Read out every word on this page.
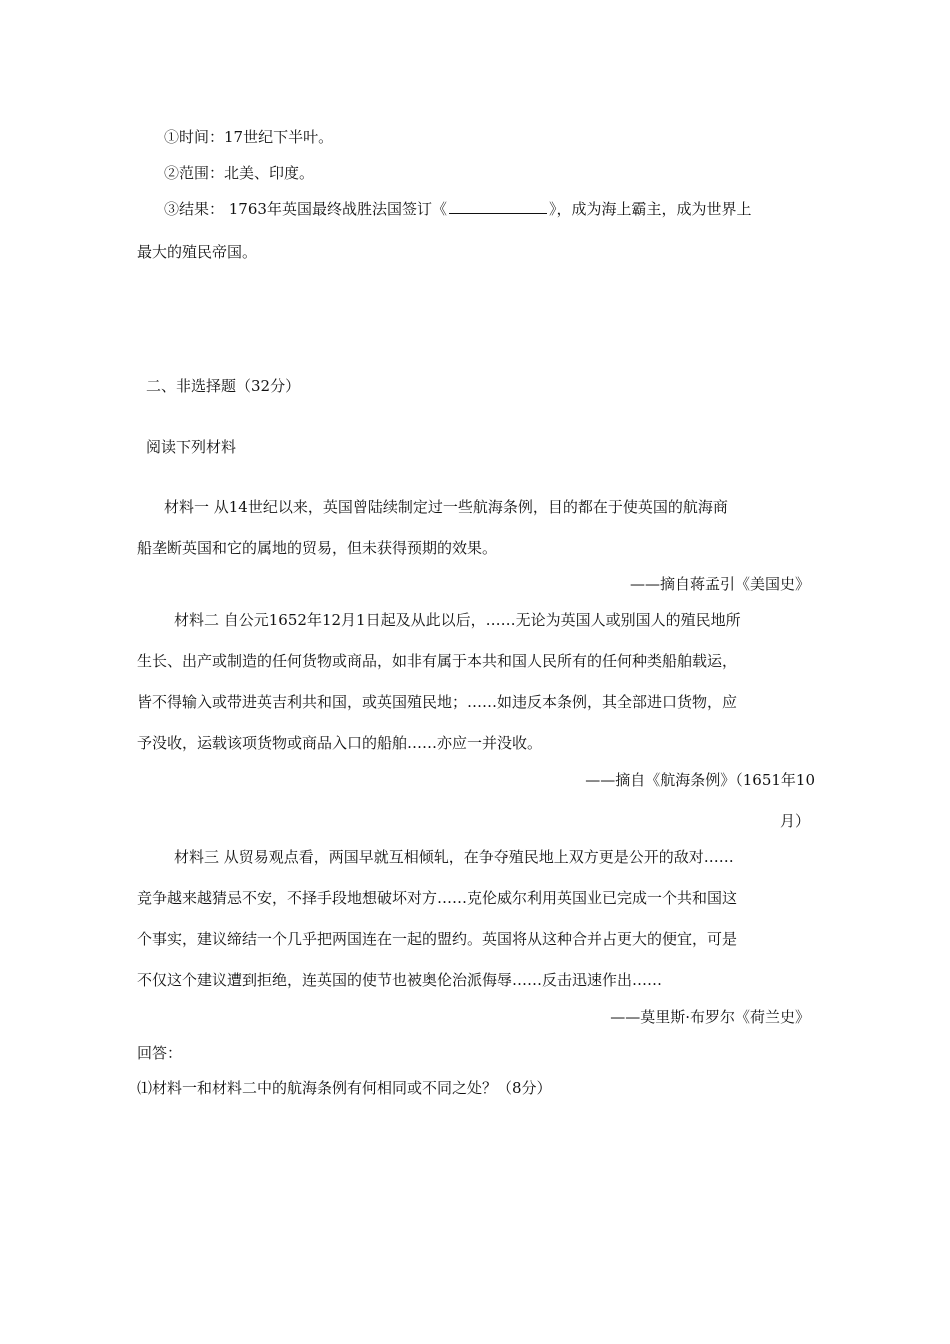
①时间：17世纪下半叶。
②范围：北美、印度。
③结果： 1763年英国最终战胜法国签订《	》，成为海上霸主，成为世界上
最大的殖民帝国。
二、非选择题（32分）
阅读下列材料
材料一 从14世纪以来，英国曾陆续制定过一些航海条例，目的都在于使英国的航海商
船垄断英国和它的属地的贸易，但未获得预期的效果。
——摘自蒋孟引《美国史》
材料二 自公元1652年12月1日起及从此以后，……无论为英国人或别国人的殖民地所
生长、出产或制造的任何货物或商品，如非有属于本共和国人民所有的任何种类船舶载运，
皆不得输入或带进英吉利共和国，或英国殖民地；……如违反本条例，其全部进口货物，应
予没收，运载该项货物或商品入口的船舶……亦应一并没收。
——摘自《航海条例》（1651年10
月）
材料三 从贸易观点看，两国早就互相倾轧，在争夺殖民地上双方更是公开的敌对……
竞争越来越猜忌不安，不择手段地想破坏对方……克伦威尔利用英国业已完成一个共和国这
个事实，建议缔结一个几乎把两国连在一起的盟约。英国将从这种合并占更大的便宜，可是
不仅这个建议遭到拒绝，连英国的使节也被奥伦治派侮辱……反击迅速作出……
——莫里斯·布罗尔《荷兰史》
回答：
⑴材料一和材料二中的航海条例有何相同或不同之处？（8分）
